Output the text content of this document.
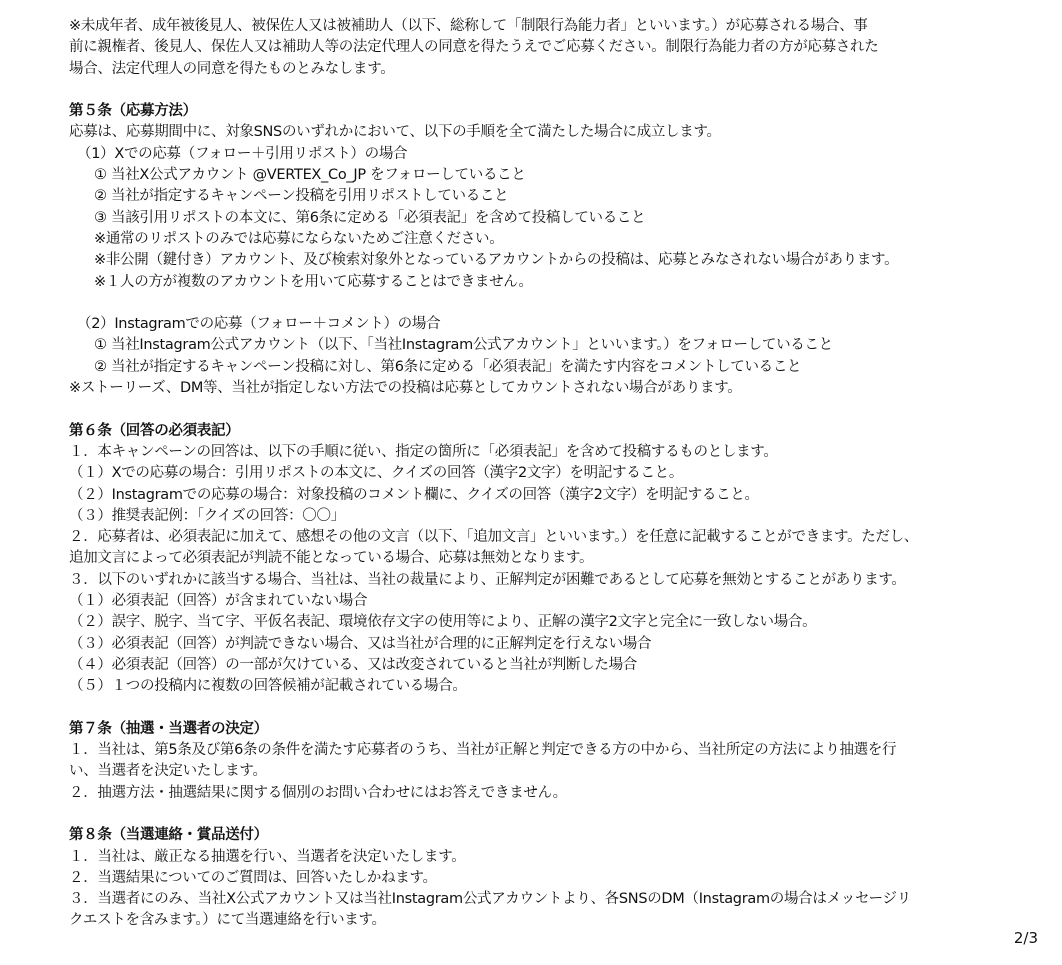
※未成年者、成年被後見人、被保佐人又は被補助人（以下、総称して「制限行為能力者」といいます。）が応募される場合、事
前に親権者、後見人、保佐人又は補助人等の法定代理人の同意を得たうえでご応募ください。制限行為能力者の方が応募された
場合、法定代理人の同意を得たものとみなします。
第５条（応募方法）
応募は、応募期間中に、対象SNSのいずれかにおいて、以下の手順を全て満たした場合に成立します。
（1）Xでの応募（フォロー＋引用リポスト）の場合
① 当社X公式アカウント @VERTEX_Co_JP をフォローしていること
② 当社が指定するキャンペーン投稿を引用リポストしていること
③ 当該引用リポストの本文に、第6条に定める「必須表記」を含めて投稿していること
※通常のリポストのみでは応募にならないためご注意ください。
※非公開（鍵付き）アカウント、及び検索対象外となっているアカウントからの投稿は、応募とみなされない場合があります。
※１人の方が複数のアカウントを用いて応募することはできません。
（2）Instagramでの応募（フォロー＋コメント）の場合
① 当社Instagram公式アカウント（以下、「当社Instagram公式アカウント」といいます。）をフォローしていること
② 当社が指定するキャンペーン投稿に対し、第6条に定める「必須表記」を満たす内容をコメントしていること
※ストーリーズ、DM等、当社が指定しない方法での投稿は応募としてカウントされない場合があります。
第６条（回答の必須表記）
１．本キャンペーンの回答は、以下の手順に従い、指定の箇所に「必須表記」を含めて投稿するものとします。
（１）Xでの応募の場合：引用リポストの本文に、クイズの回答（漢字2文字）を明記すること。
（２）Instagramでの応募の場合：対象投稿のコメント欄に、クイズの回答（漢字2文字）を明記すること。
（３）推奨表記例：「クイズの回答：〇〇」
２．応募者は、必須表記に加えて、感想その他の文言（以下、「追加文言」といいます。）を任意に記載することができます。ただし、
追加文言によって必須表記が判読不能となっている場合、応募は無効となります。
３．以下のいずれかに該当する場合、当社は、当社の裁量により、正解判定が困難であるとして応募を無効とすることがあります。
（１）必須表記（回答）が含まれていない場合
（２）誤字、脱字、当て字、平仮名表記、環境依存文字の使用等により、正解の漢字2文字と完全に一致しない場合。
（３）必須表記（回答）が判読できない場合、又は当社が合理的に正解判定を行えない場合
（４）必須表記（回答）の一部が欠けている、又は改変されていると当社が判断した場合
（５）１つの投稿内に複数の回答候補が記載されている場合。
第７条（抽選・当選者の決定）
１．当社は、第5条及び第6条の条件を満たす応募者のうち、当社が正解と判定できる方の中から、当社所定の方法により抽選を行
い、当選者を決定いたします。
２．抽選方法・抽選結果に関する個別のお問い合わせにはお答えできません。
第８条（当選連絡・賞品送付）
１．当社は、厳正なる抽選を行い、当選者を決定いたします。
２．当選結果についてのご質問は、回答いたしかねます。
３．当選者にのみ、当社X公式アカウント又は当社Instagram公式アカウントより、各SNSのDM（Instagramの場合はメッセージリ
クエストを含みます。）にて当選連絡を行います。
2/3
